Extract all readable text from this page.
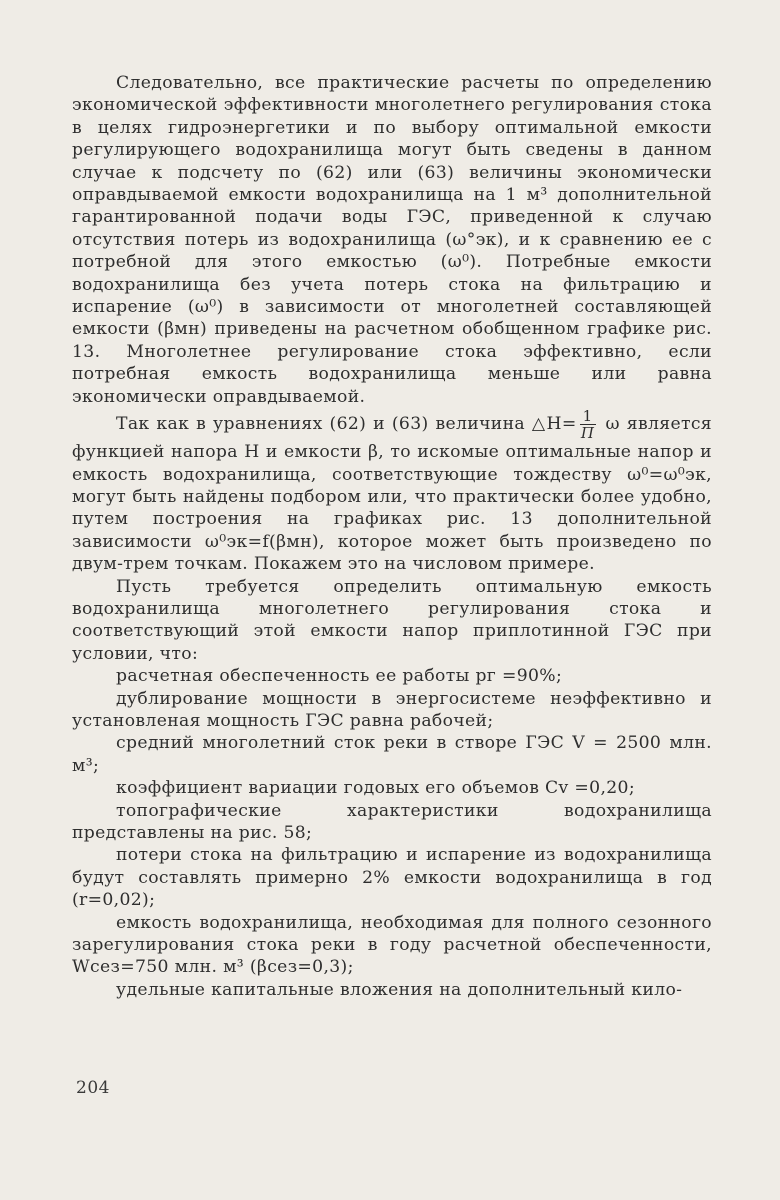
Следовательно, все практические расчеты по определению экономической эффективности многолетнего регулирования стока в целях гидроэнергетики и по выбору оптимальной емкости регулирующего водохранилища могут быть сведены в данном случае к подсчету по (62) или (63) величины экономически оправдываемой емкости водохранилища на 1 м³ дополнительной гарантированной подачи воды ГЭС, приведенной к случаю отсутствия потерь из водохранилища (ω°эк), и к сравнению ее с потребной для этого емкостью (ω⁰). Потребные емкости водохранилища без учета потерь стока на фильтрацию и испарение (ω⁰) в зависимости от многолетней составляющей емкости (βмн) приведены на расчетном обобщенном графике рис. 13. Многолетнее регулирование стока эффективно, если потребная емкость водохранилища меньше или равна экономически оправдываемой.

Так как в уравнениях (62) и (63) величина △H= $\frac{1}{П}$ ω является функцией напора H и емкости β, то искомые оптимальные напор и емкость водохранилища, соответствующие тождеству ω⁰=ω⁰эк, могут быть найдены подбором или, что практически более удобно, путем построения на графиках рис. 13 дополнительной зависимости ω⁰эк=f(βмн), которое может быть произведено по двум-трем точкам. Покажем это на числовом примере.

Пусть требуется определить оптимальную емкость водохранилища многолетнего регулирования стока и соответствующий этой емкости напор приплотинной ГЭС при условии, что:

расчетная обеспеченность ее работы pг =90%;

дублирование мощности в энергосистеме неэффективно и установленая мощность ГЭС равна рабочей;

средний многолетний сток реки в створе ГЭС V = 2500 млн. м³;

коэффициент вариации годовых его объемов Cv =0,20;

топографические характеристики водохранилища представлены на рис. 58;

потери стока на фильтрацию и испарение из водохранилища будут составлять примерно 2% емкости водохранилища в год (r=0,02);

емкость водохранилища, необходимая для полного сезонного зарегулирования стока реки в году расчетной обеспеченности, Wсез=750 млн. м³ (βсез=0,3);

удельные капитальные вложения на дополнительный кило-

204
